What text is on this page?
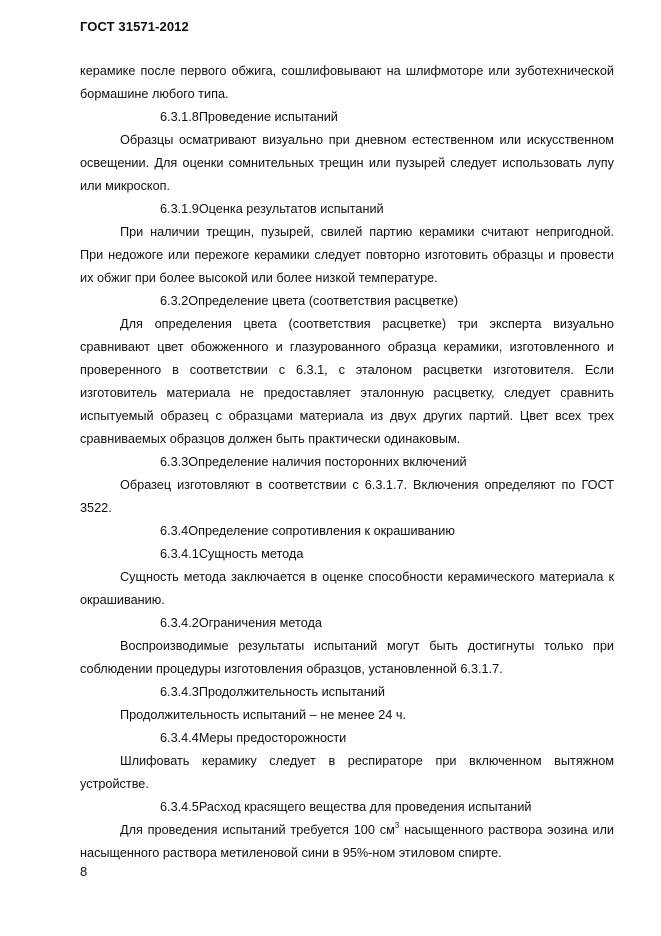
ГОСТ 31571-2012

керамике после первого обжига, сошлифовывают на шлифмоторе или зуботехнической бормашине любого типа.

6.3.1.8Проведение испытаний

Образцы осматривают визуально при дневном естественном или искусственном освещении. Для оценки сомнительных трещин или пузырей следует использовать лупу или микроскоп.

6.3.1.9Оценка результатов испытаний

При наличии трещин, пузырей, свилей партию керамики считают непригодной. При недожоге или пережоге керамики следует повторно изготовить образцы и провести их обжиг при более высокой или более низкой температуре.

6.3.2Определение цвета (соответствия расцветке)

Для определения цвета (соответствия расцветке) три эксперта визуально сравнивают цвет обожженного и глазурованного образца керамики, изготовленного и проверенного в соответствии с 6.3.1, с эталоном расцветки изготовителя. Если изготовитель материала не предоставляет эталонную расцветку, следует сравнить испытуемый образец с образцами материала из двух других партий. Цвет всех трех сравниваемых образцов должен быть практически одинаковым.

6.3.3Определение наличия посторонних включений

Образец изготовляют в соответствии с 6.3.1.7. Включения определяют по ГОСТ 3522.

6.3.4Определение сопротивления к окрашиванию

6.3.4.1Сущность метода

Сущность метода заключается в оценке способности керамического материала к окрашиванию.

6.3.4.2Ограничения метода

Воспроизводимые результаты испытаний могут быть достигнуты только при соблюдении процедуры изготовления образцов, установленной 6.3.1.7.

6.3.4.3Продолжительность испытаний

Продолжительность испытаний – не менее 24 ч.

6.3.4.4Меры предосторожности

Шлифовать керамику следует в респираторе при включенном вытяжном устройстве.

6.3.4.5Расход красящего вещества для проведения испытаний

Для проведения испытаний требуется 100 $см^3$ насыщенного раствора эозина или насыщенного раствора метиленовой сини в 95%-ном этиловом спирте.

8
